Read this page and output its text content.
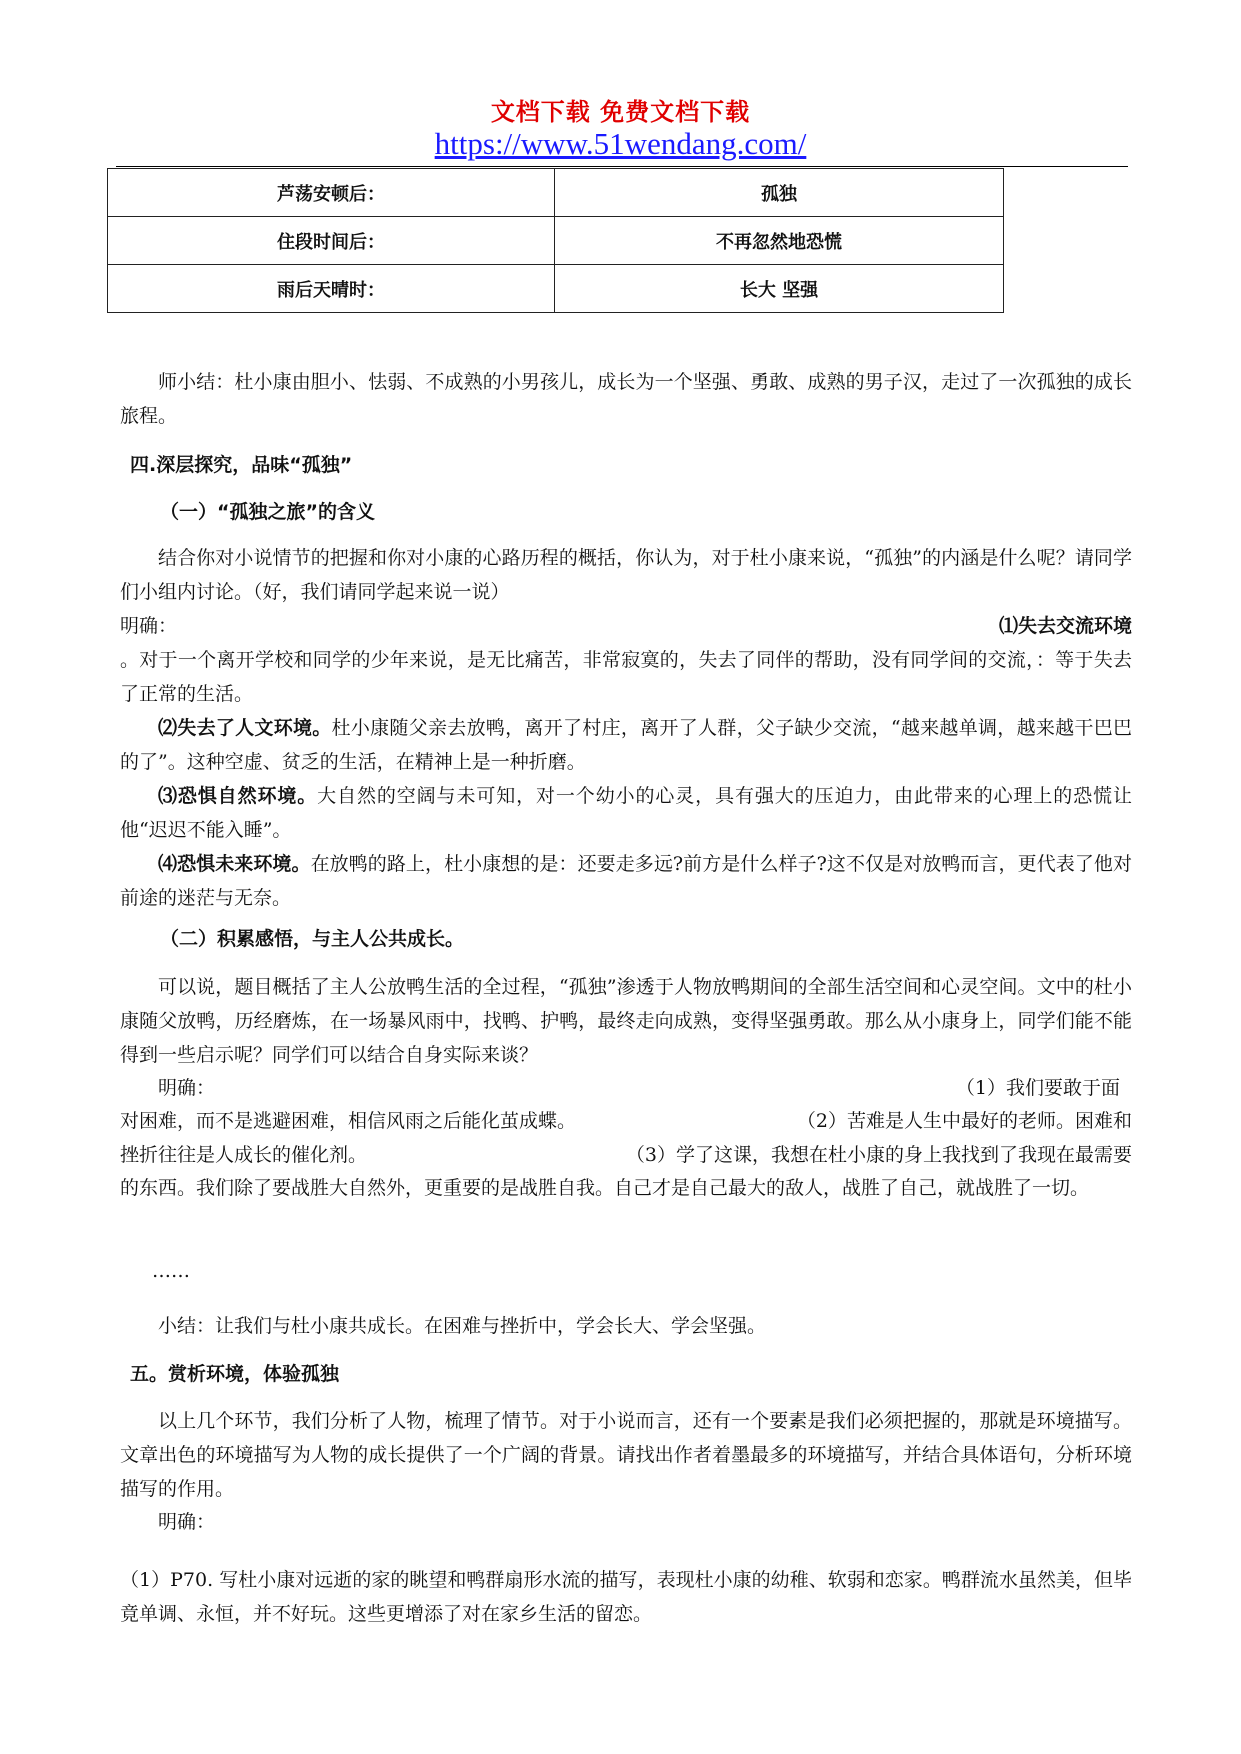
文档下载 免费文档下载
https://www.51wendang.com/
芦荡安顿后：	孤独
住段时间后：	不再忽然地恐慌
雨后天晴时：	长大 坚强

师小结：杜小康由胆小、怯弱、不成熟的小男孩儿，成长为一个坚强、勇敢、成熟的男子汉，走过了一次孤独的成长旅程。

四.深层探究，品味“孤独”
（一）“孤独之旅”的含义

结合你对小说情节的把握和你对小康的心路历程的概括，你认为，对于杜小康来说，“孤独”的内涵是什么呢？请同学们小组内讨论。（好，我们请同学起来说一说）

明确：	⑴失去交流环境

。对于一个离开学校和同学的少年来说，是无比痛苦，非常寂寞的，失去了同伴的帮助，没有同学间的交流，：等于失去了正常的生活。

⑵失去了人文环境。杜小康随父亲去放鸭，离开了村庄，离开了人群，父子缺少交流，“越来越单调，越来越干巴巴的了”。这种空虚、贫乏的生活，在精神上是一种折磨。

⑶恐惧自然环境。大自然的空阔与未可知，对一个幼小的心灵，具有强大的压迫力，由此带来的心理上的恐慌让他“迟迟不能入睡”。

⑷恐惧未来环境。在放鸭的路上，杜小康想的是：还要走多远?前方是什么样子?这不仅是对放鸭而言，更代表了他对前途的迷茫与无奈。

（二）积累感悟，与主人公共成长。

可以说，题目概括了主人公放鸭生活的全过程，“孤独”渗透于人物放鸭期间的全部生活空间和心灵空间。文中的杜小康随父放鸭，历经磨炼，在一场暴风雨中，找鸭、护鸭，最终走向成熟，变得坚强勇敢。那么从小康身上，同学们能不能得到一些启示呢？同学们可以结合自身实际来谈？

明确：	（1）我们要敢于面
对困难，而不是逃避困难，相信风雨之后能化茧成蝶。	（2）苦难是人生中最好的老师。困难和
挫折往往是人成长的催化剂。	（3）学了这课，我想在杜小康的身上我找到了我现在最需要

的东西。我们除了要战胜大自然外，更重要的是战胜自我。自己才是自己最大的敌人，战胜了自己，就战胜了一切。

……

小结：让我们与杜小康共成长。在困难与挫折中，学会长大、学会坚强。

五。赏析环境，体验孤独

以上几个环节，我们分析了人物，梳理了情节。对于小说而言，还有一个要素是我们必须把握的，那就是环境描写。文章出色的环境描写为人物的成长提供了一个广阔的背景。请找出作者着墨最多的环境描写，并结合具体语句，分析环境描写的作用。

明确：

（1）P70. 写杜小康对远逝的家的眺望和鸭群扇形水流的描写，表现杜小康的幼稚、软弱和恋家。鸭群流水虽然美，但毕竟单调、永恒，并不好玩。这些更增添了对在家乡生活的留恋。
